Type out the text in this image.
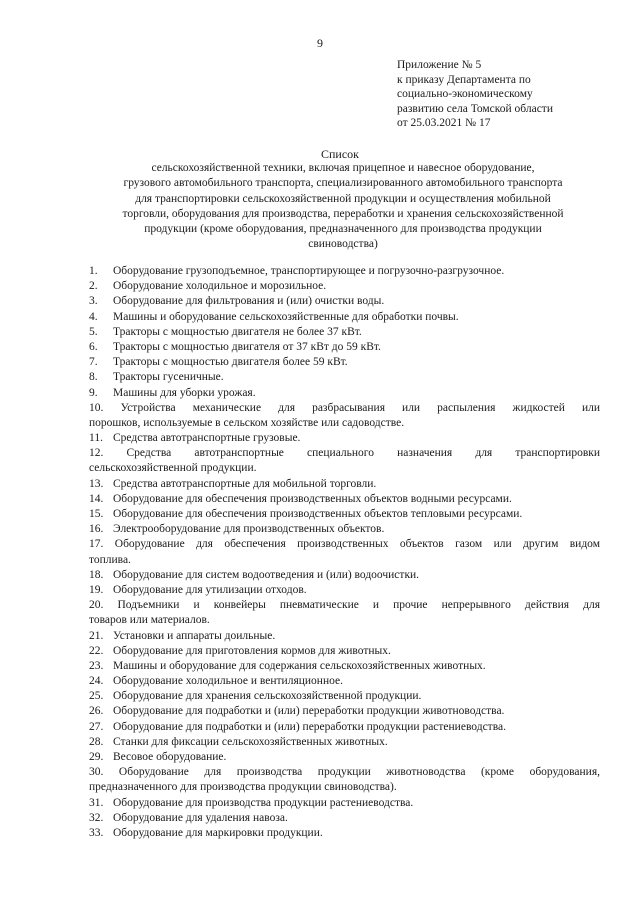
9
Приложение № 5
к приказу Департамента по
социально-экономическому
развитию села Томской области
от 25.03.2021 № 17
Список
сельскохозяйственной техники, включая прицепное и навесное оборудование,
грузового автомобильного транспорта, специализированного автомобильного транспорта
для транспортировки сельскохозяйственной продукции и осуществления мобильной
торговли, оборудования для производства, переработки и хранения сельскохозяйственной
продукции (кроме оборудования, предназначенного для производства продукции
свиноводства)
1.	Оборудование грузоподъемное, транспортирующее и погрузочно-разгрузочное.
2.	Оборудование холодильное и морозильное.
3.	Оборудование для фильтрования и (или) очистки воды.
4.	Машины и оборудование сельскохозяйственные для обработки почвы.
5.	Тракторы с мощностью двигателя не более 37 кВт.
6.	Тракторы с мощностью двигателя от 37 кВт до 59 кВт.
7.	Тракторы с мощностью двигателя более 59 кВт.
8.	Тракторы гусеничные.
9.	Машины для уборки урожая.
10. Устройства механические для разбрасывания или распыления жидкостей или
порошков, используемые в сельском хозяйстве или садоводстве.
11. Средства автотранспортные грузовые.
12. Средства автотранспортные специального назначения для транспортировки
сельскохозяйственной продукции.
13. Средства автотранспортные для мобильной торговли.
14. Оборудование для обеспечения производственных объектов водными ресурсами.
15. Оборудование для обеспечения производственных объектов тепловыми ресурсами.
16. Электрооборудование для производственных объектов.
17. Оборудование для обеспечения производственных объектов газом или другим видом
топлива.
18. Оборудование для систем водоотведения и (или) водоочистки.
19. Оборудование для утилизации отходов.
20. Подъемники и конвейеры пневматические и прочие непрерывного действия для
товаров или материалов.
21. Установки и аппараты доильные.
22. Оборудование для приготовления кормов для животных.
23. Машины и оборудование для содержания сельскохозяйственных животных.
24. Оборудование холодильное и вентиляционное.
25. Оборудование для хранения сельскохозяйственной продукции.
26. Оборудование для подработки и (или) переработки продукции животноводства.
27. Оборудование для подработки и (или) переработки продукции растениеводства.
28. Станки для фиксации сельскохозяйственных животных.
29. Весовое оборудование.
30. Оборудование для производства продукции животноводства (кроме оборудования,
предназначенного для производства продукции свиноводства).
31. Оборудование для производства продукции растениеводства.
32. Оборудование для удаления навоза.
33. Оборудование для маркировки продукции.
